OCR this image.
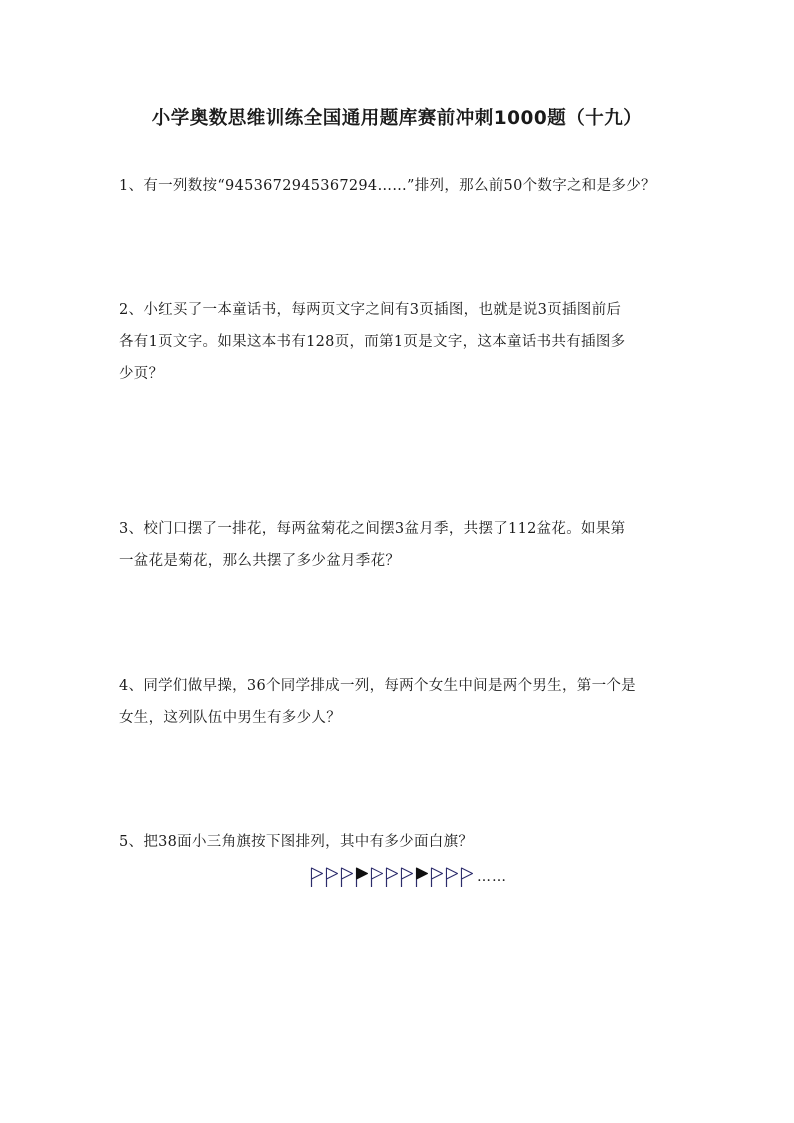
小学奥数思维训练全国通用题库赛前冲刺1000题（十九）
1、有一列数按“9453672945367294……”排列，那么前50个数字之和是多少？
2、小红买了一本童话书，每两页文字之间有3页插图，也就是说3页插图前后
各有1页文字。如果这本书有128页，而第1页是文字，这本童话书共有插图多
少页？
3、校门口摆了一排花，每两盆菊花之间摆3盆月季，共摆了112盆花。如果第
一盆花是菊花，那么共摆了多少盆月季花？
4、同学们做早操，36个同学排成一列，每两个女生中间是两个男生，第一个是
女生，这列队伍中男生有多少人？
5、把38面小三角旗按下图排列，其中有多少面白旗？
……
